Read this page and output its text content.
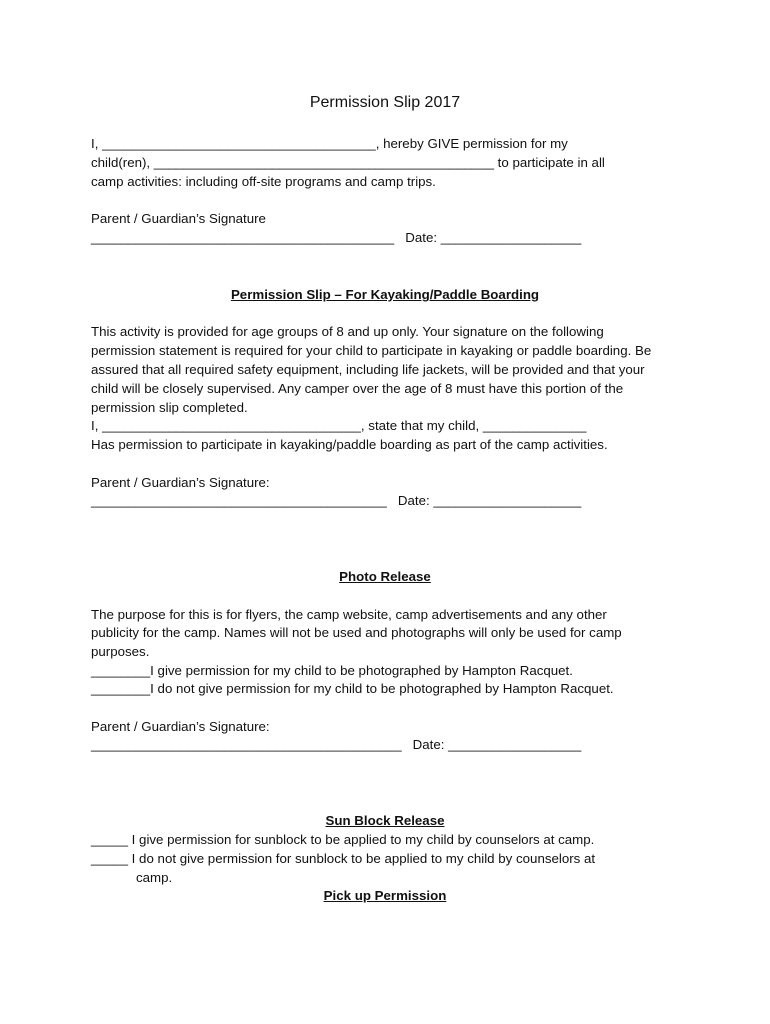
Permission Slip 2017
I, _____________________________________, hereby GIVE permission for my
child(ren), ______________________________________________ to participate in all
camp activities: including off-site programs and camp trips.
Parent / Guardian’s Signature
_________________________________________   Date: ___________________
Permission Slip – For Kayaking/Paddle Boarding
This activity is provided for age groups of 8 and up only. Your signature on the following
permission statement is required for your child to participate in kayaking or paddle boarding. Be
assured that all required safety equipment, including life jackets, will be provided and that your
child will be closely supervised. Any camper over the age of 8 must have this portion of the
permission slip completed.
I, ___________________________________, state that my child, ______________
Has permission to participate in kayaking/paddle boarding as part of the camp activities.
Parent / Guardian’s Signature:
________________________________________   Date: ____________________
Photo Release
The purpose for this is for flyers, the camp website, camp advertisements and any other
publicity for the camp. Names will not be used and photographs will only be used for camp
purposes.
________I give permission for my child to be photographed by Hampton Racquet.
________I do not give permission for my child to be photographed by Hampton Racquet.
Parent / Guardian’s Signature:
__________________________________________   Date: __________________
Sun Block Release
_____ I give permission for sunblock to be applied to my child by counselors at camp.
_____ I do not give permission for sunblock to be applied to my child by counselors at
camp.
Pick up Permission
